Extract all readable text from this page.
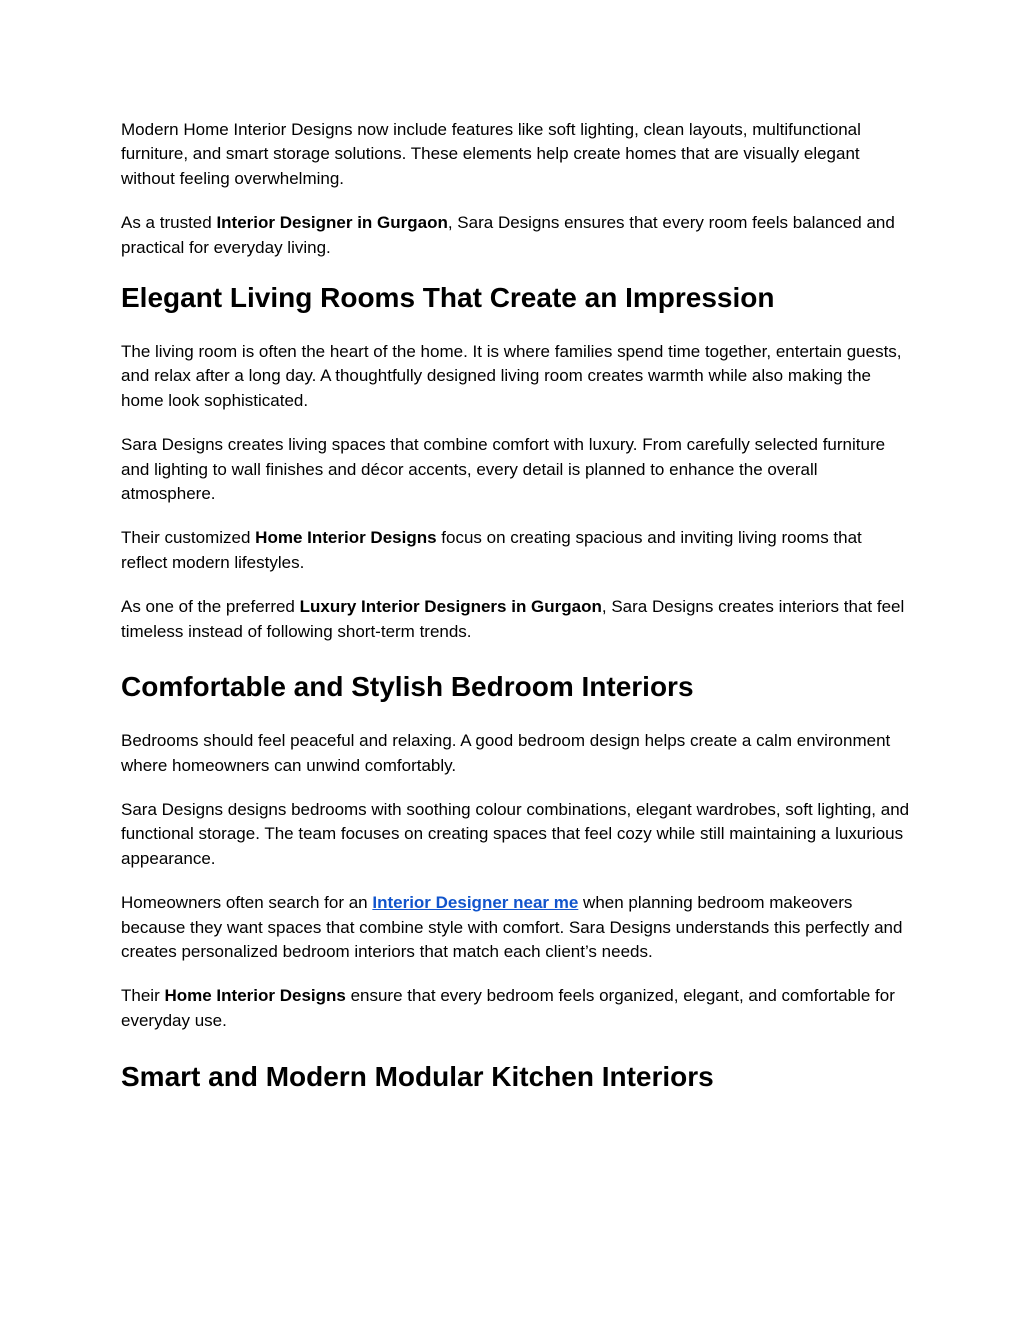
Modern Home Interior Designs now include features like soft lighting, clean layouts, multifunctional furniture, and smart storage solutions. These elements help create homes that are visually elegant without feeling overwhelming.

As a trusted Interior Designer in Gurgaon, Sara Designs ensures that every room feels balanced and practical for everyday living.

Elegant Living Rooms That Create an Impression

The living room is often the heart of the home. It is where families spend time together, entertain guests, and relax after a long day. A thoughtfully designed living room creates warmth while also making the home look sophisticated.

Sara Designs creates living spaces that combine comfort with luxury. From carefully selected furniture and lighting to wall finishes and décor accents, every detail is planned to enhance the overall atmosphere.

Their customized Home Interior Designs focus on creating spacious and inviting living rooms that reflect modern lifestyles.

As one of the preferred Luxury Interior Designers in Gurgaon, Sara Designs creates interiors that feel timeless instead of following short-term trends.

Comfortable and Stylish Bedroom Interiors

Bedrooms should feel peaceful and relaxing. A good bedroom design helps create a calm environment where homeowners can unwind comfortably.

Sara Designs designs bedrooms with soothing colour combinations, elegant wardrobes, soft lighting, and functional storage. The team focuses on creating spaces that feel cozy while still maintaining a luxurious appearance.

Homeowners often search for an Interior Designer near me when planning bedroom makeovers because they want spaces that combine style with comfort. Sara Designs understands this perfectly and creates personalized bedroom interiors that match each client’s needs.

Their Home Interior Designs ensure that every bedroom feels organized, elegant, and comfortable for everyday use.

Smart and Modern Modular Kitchen Interiors
